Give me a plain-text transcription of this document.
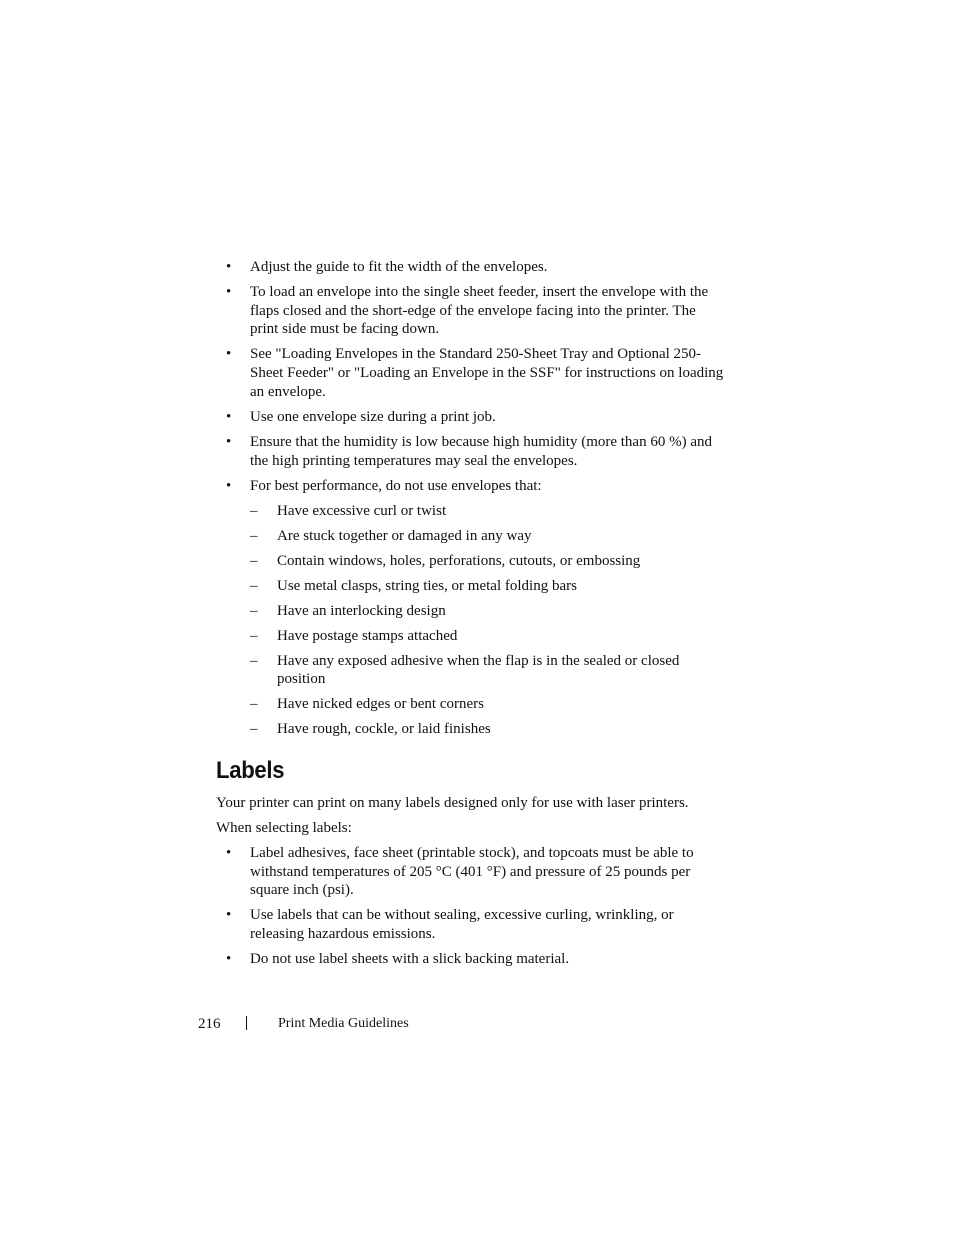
• Adjust the guide to fit the width of the envelopes.
• To load an envelope into the single sheet feeder, insert the envelope with the flaps closed and the short-edge of the envelope facing into the printer. The print side must be facing down.
• See "Loading Envelopes in the Standard 250-Sheet Tray and Optional 250-Sheet Feeder" or "Loading an Envelope in the SSF" for instructions on loading an envelope.
• Use one envelope size during a print job.
• Ensure that the humidity is low because high humidity (more than 60 %) and the high printing temperatures may seal the envelopes.
• For best performance, do not use envelopes that:
– Have excessive curl or twist
– Are stuck together or damaged in any way
– Contain windows, holes, perforations, cutouts, or embossing
– Use metal clasps, string ties, or metal folding bars
– Have an interlocking design
– Have postage stamps attached
– Have any exposed adhesive when the flap is in the sealed or closed position
– Have nicked edges or bent corners
– Have rough, cockle, or laid finishes
Labels

Your printer can print on many labels designed only for use with laser printers.

When selecting labels:

• Label adhesives, face sheet (printable stock), and topcoats must be able to withstand temperatures of 205 °C (401 °F) and pressure of 25 pounds per square inch (psi).
• Use labels that can be without sealing, excessive curling, wrinkling, or releasing hazardous emissions.
• Do not use label sheets with a slick backing material.
216	Print Media Guidelines
